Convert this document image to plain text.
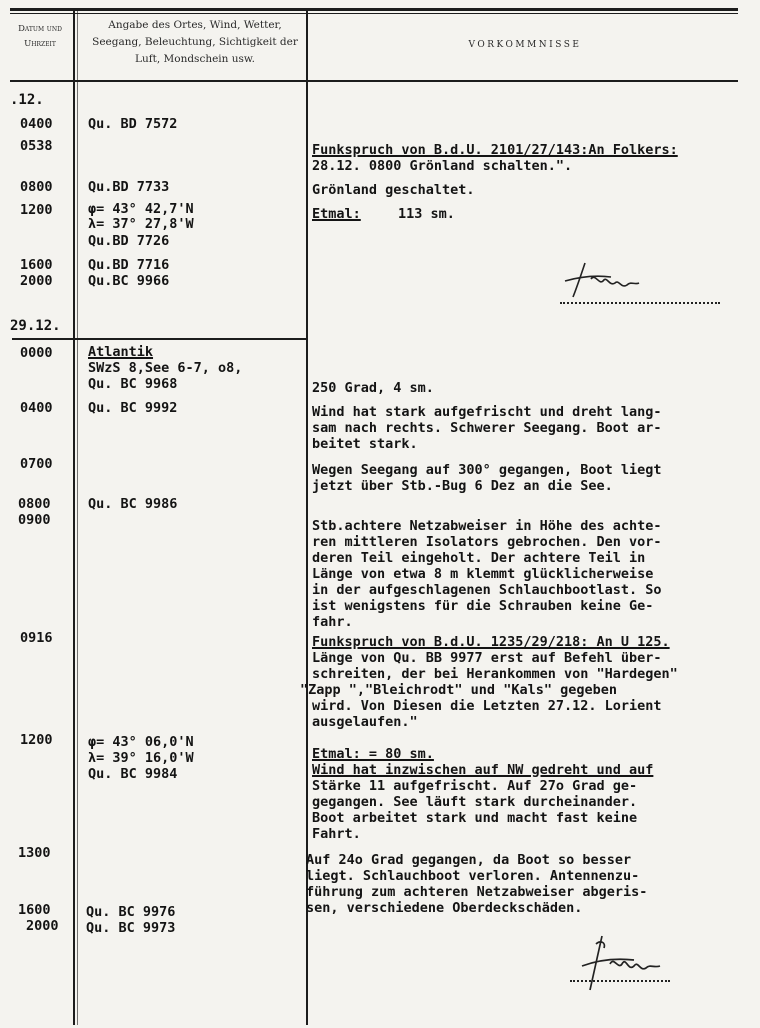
Datum und Uhrzeit
Angabe des Ortes, Wind, Wetter, Seegang, Beleuchtung, Sichtigkeit der Luft, Mondschein usw.
VORKOMMNISSE
.12.
0400	Qu. BD 7572
0538	Funkspruch von B.d.U. 2101/27/143:An Folkers:
28.12. 0800 Grönland schalten.".
0800	Qu.BD 7733	Grönland geschaltet.
1200	φ= 43° 42,7'N
λ= 37° 27,8'W
Qu.BD 7726
Etmal:	113 sm.
1600	Qu.BD 7716
2000	Qu.BC 9966
29.12.
0000	Atlantik
SWzS 8,See 6-7, o8,
Qu. BC 9968	250 Grad, 4 sm.
0400	Qu. BC 9992	Wind hat stark aufgefrischt und dreht lang-
sam nach rechts. Schwerer Seegang. Boot ar-
beitet stark.
0700	Wegen Seegang auf 300° gegangen, Boot liegt
jetzt über Stb.-Bug 6 Dez an die See.
0800	Qu. BC 9986
0900	Stb.achtere Netzabweiser in Höhe des achte-
ren mittleren Isolators gebrochen. Den vor-
deren Teil eingeholt. Der achtere Teil in
Länge von etwa 8 m klemmt glücklicherweise
in der aufgeschlagenen Schlauchbootlast. So
ist wenigstens für die Schrauben keine Ge-
fahr.
0916	Funkspruch von B.d.U. 1235/29/218: An U 125.
Länge von Qu. BB 9977 erst auf Befehl über-
schreiten, der bei Herankommen von "Hardegen"
"Zapp ","Bleichrodt" und "Kals" gegeben
wird. Von Diesen die Letzten 27.12. Lorient
ausgelaufen."
1200	φ= 43° 06,0'N
λ= 39° 16,0'W
Qu. BC 9984
Etmal: = 80 sm.
Wind hat inzwischen auf NW gedreht und auf
Stärke 11 aufgefrischt. Auf 27o Grad ge-
gegangen. See läuft stark durcheinander.
Boot arbeitet stark und macht fast keine
Fahrt.
1300	Auf 24o Grad gegangen, da Boot so besser
liegt. Schlauchboot verloren. Antennenzu-
führung zum achteren Netzabweiser abgeris-
sen, verschiedene Oberdeckschäden.
1600	Qu. BC 9976
2000 Qu. BC 9973
